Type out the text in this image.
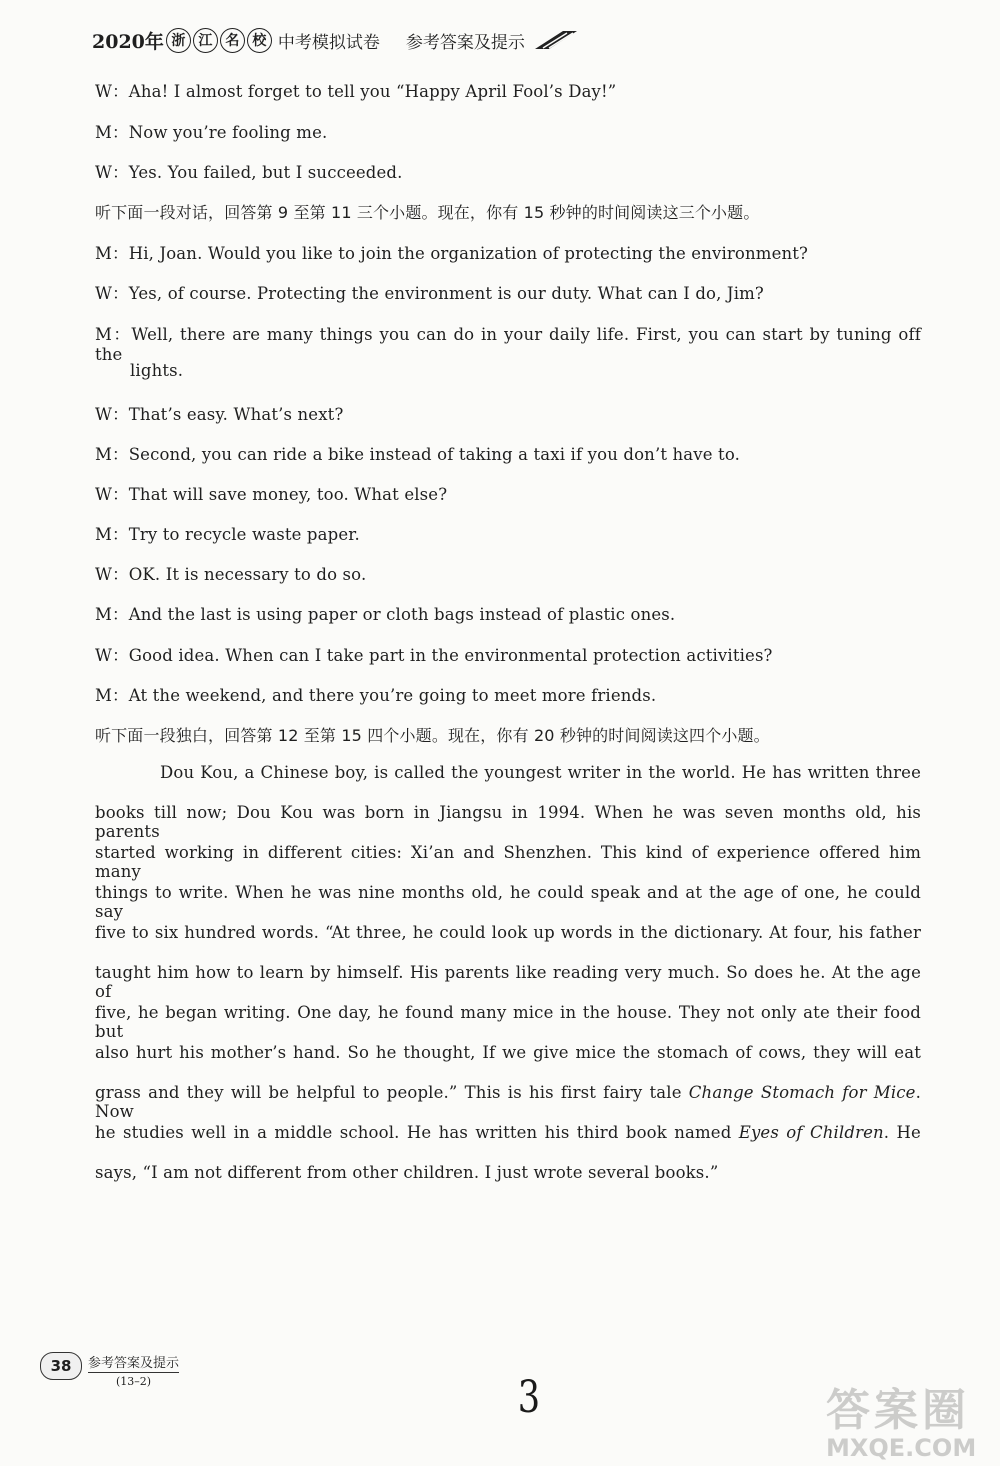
2020年 浙 江 名 校 中考模拟试卷 参考答案及提示
W：Aha! I almost forget to tell you “Happy April Fool’s Day!”
M：Now you’re fooling me.
W：Yes. You failed, but I succeeded.
听下面一段对话，回答第 9 至第 11 三个小题。现在，你有 15 秒钟的时间阅读这三个小题。
M：Hi, Joan. Would you like to join the organization of protecting the environment?
W：Yes, of course. Protecting the environment is our duty. What can I do, Jim?
M：Well, there are many things you can do in your daily life. First, you can start by tuning off the
lights.
W：That’s easy. What’s next?
M：Second, you can ride a bike instead of taking a taxi if you don’t have to.
W：That will save money, too. What else?
M：Try to recycle waste paper.
W：OK. It is necessary to do so.
M：And the last is using paper or cloth bags instead of plastic ones.
W：Good idea. When can I take part in the environmental protection activities?
M：At the weekend, and there you’re going to meet more friends.
听下面一段独白，回答第 12 至第 15 四个小题。现在，你有 20 秒钟的时间阅读这四个小题。
Dou Kou, a Chinese boy, is called the youngest writer in the world. He has written three
books till now; Dou Kou was born in Jiangsu in 1994. When he was seven months old, his parents
started working in different cities: Xi’an and Shenzhen. This kind of experience offered him many
things to write. When he was nine months old, he could speak and at the age of one, he could say
five to six hundred words. “At three, he could look up words in the dictionary. At four, his father
taught him how to learn by himself. His parents like reading very much. So does he. At the age of
five, he began writing. One day, he found many mice in the house. They not only ate their food but
also hurt his mother’s hand. So he thought, If we give mice the stomach of cows, they will eat
grass and they will be helpful to people.” This is his first fairy tale Change Stomach for Mice. Now
he studies well in a middle school. He has written his third book named Eyes of Children. He
says, “I am not different from other children. I just wrote several books.”
38	参考答案及提示
(13–2)	3	答案圈
MXQE.COM
